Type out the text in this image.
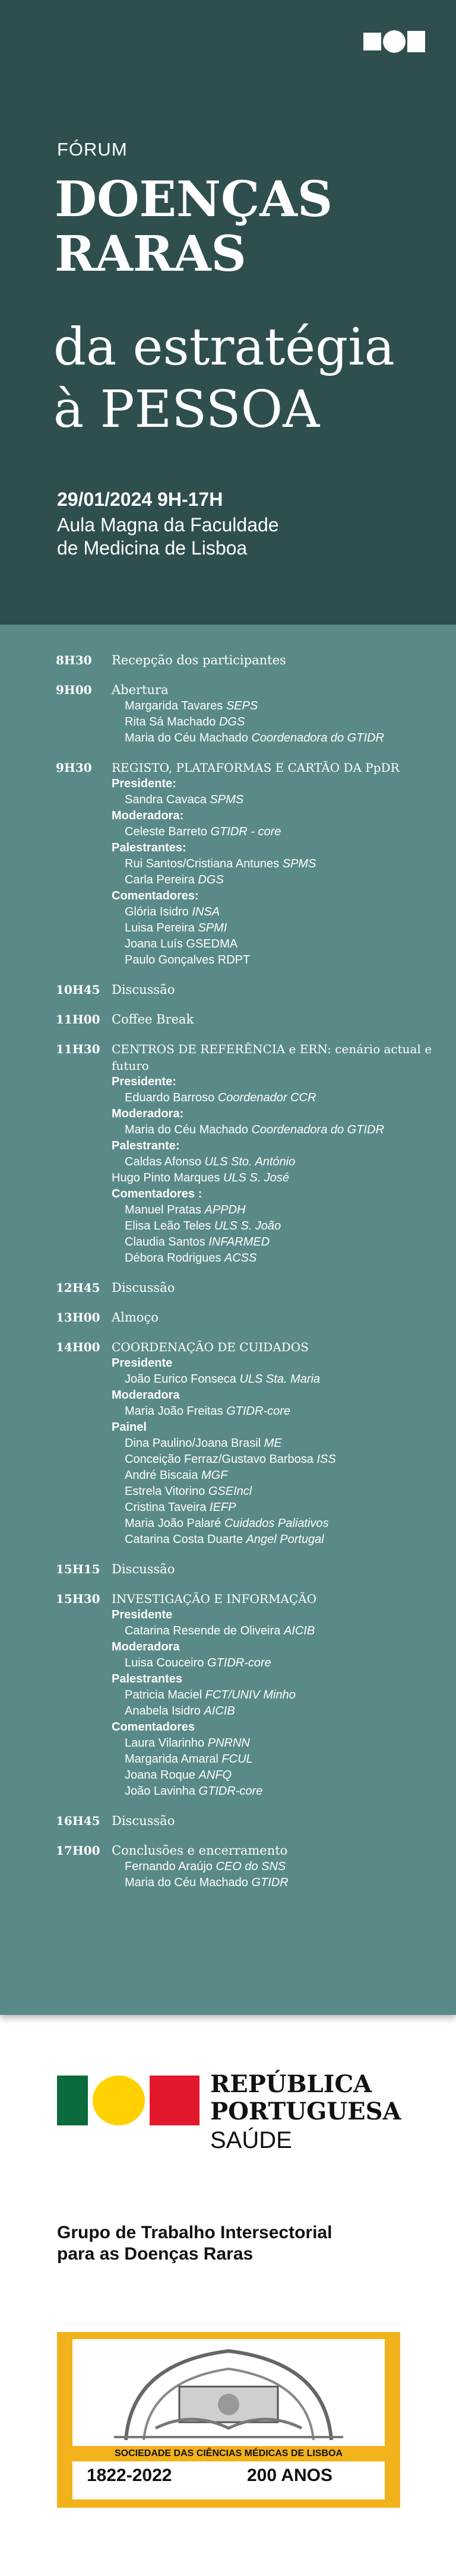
FÓRUM
DOENÇAS
RARAS
da estratégia
à PESSOA
29/01/2024 9H-17H
Aula Magna da Faculdade
de Medicina de Lisboa
8H30	Recepção dos participantes
9H00	Abertura
Margarida Tavares SEPS
Rita Sá Machado DGS
Maria do Céu Machado Coordenadora do GTIDR
9H30	REGISTO, PLATAFORMAS E CARTÃO DA PpDR
Presidente:
Sandra Cavaca SPMS
Moderadora:
Celeste Barreto GTIDR - core
Palestrantes:
Rui Santos/Cristiana Antunes SPMS
Carla Pereira DGS
Comentadores:
Glória Isidro INSA
Luisa Pereira SPMI
Joana Luís GSEDMA
Paulo Gonçalves RDPT
10H45 Discussão
11H00 Coffee Break
11H30 CENTROS DE REFERÊNCIA e ERN: cenário actual e futuro
Presidente:
Eduardo Barroso Coordenador CCR
Moderadora:
Maria do Céu Machado Coordenadora do GTIDR
Palestrante:
Caldas Afonso ULS Sto. António
Hugo Pinto Marques ULS S. José
Comentadores :
Manuel Pratas APPDH
Elisa Leão Teles ULS S. João
Claudia Santos INFARMED
Débora Rodrigues ACSS
12H45 Discussão
13H00 Almoço
14H00 COORDENAÇÃO DE CUIDADOS
Presidente
João Eurico Fonseca ULS Sta. Maria
Moderadora
Maria João Freitas GTIDR-core
Painel
Dina Paulino/Joana Brasil ME
Conceição Ferraz/Gustavo Barbosa ISS
André Biscaia MGF
Estrela Vitorino GSEIncl
Cristina Taveira IEFP
Maria João Palaré Cuidados Paliativos
Catarina Costa Duarte Angel Portugal
15H15 Discussão
15H30 INVESTIGAÇÃO E INFORMAÇÃO
Presidente
Catarina Resende de Oliveira AICIB
Moderadora
Luisa Couceiro GTIDR-core
Palestrantes
Patricia Maciel FCT/UNIV Minho
Anabela Isidro AICIB
Comentadores
Laura Vilarinho PNRNN
Margarida Amaral FCUL
Joana Roque ANFQ
João Lavinha GTIDR-core
16H45 Discussão
17H00 Conclusões e encerramento
Fernando Araújo CEO do SNS
Maria do Céu Machado GTIDR
REPÚBLICA
PORTUGUESA
SAÚDE
Grupo de Trabalho Intersectorial
para as Doenças Raras
SOCIEDADE DAS CIÊNCIAS MÉDICAS DE LISBOA
1822-2022	200 ANOS
